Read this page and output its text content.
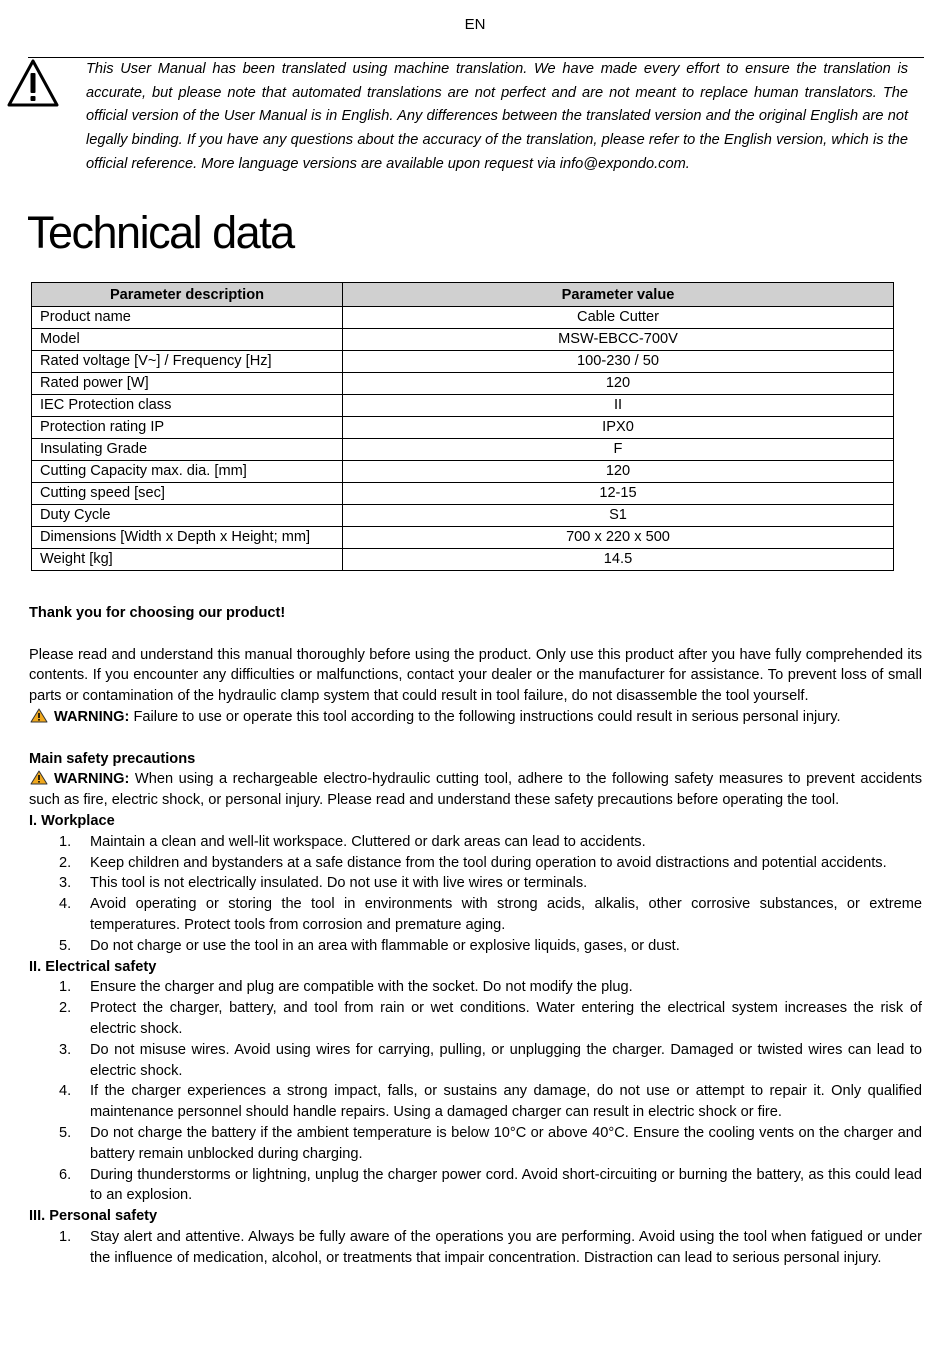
EN
This User Manual has been translated using machine translation. We have made every effort to ensure the translation is accurate, but please note that automated translations are not perfect and are not meant to replace human translators. The official version of the User Manual is in English. Any differences between the translated version and the original English are not legally binding. If you have any questions about the accuracy of the translation, please refer to the English version, which is the official reference. More language versions are available upon request via info@expondo.com.
Technical data
Parameter description	Parameter value
Product name	Cable Cutter
Model	MSW-EBCC-700V
Rated voltage [V~] / Frequency [Hz]	100-230 / 50
Rated power [W]	120
IEC Protection class	II
Protection rating IP	IPX0
Insulating Grade	F
Cutting Capacity max. dia. [mm]	120
Cutting speed [sec]	12-15
Duty Cycle	S1
Dimensions [Width x Depth x Height; mm]	700 x 220 x 500
Weight [kg]	14.5

Thank you for choosing our product!

Please read and understand this manual thoroughly before using the product. Only use this product after you have fully comprehended its contents. If you encounter any difficulties or malfunctions, contact your dealer or the manufacturer for assistance. To prevent loss of small parts or contamination of the hydraulic clamp system that could result in tool failure, do not disassemble the tool yourself.

WARNING: Failure to use or operate this tool according to the following instructions could result in serious personal injury.

Main safety precautions

WARNING: When using a rechargeable electro-hydraulic cutting tool, adhere to the following safety measures to prevent accidents such as fire, electric shock, or personal injury. Please read and understand these safety precautions before operating the tool.

I. Workplace

1. Maintain a clean and well-lit workspace. Cluttered or dark areas can lead to accidents.
2. Keep children and bystanders at a safe distance from the tool during operation to avoid distractions and potential accidents.
3. This tool is not electrically insulated. Do not use it with live wires or terminals.
4. Avoid operating or storing the tool in environments with strong acids, alkalis, other corrosive substances, or extreme temperatures. Protect tools from corrosion and premature aging.
5. Do not charge or use the tool in an area with flammable or explosive liquids, gases, or dust.

II. Electrical safety

1. Ensure the charger and plug are compatible with the socket. Do not modify the plug.
2. Protect the charger, battery, and tool from rain or wet conditions. Water entering the electrical system increases the risk of electric shock.
3. Do not misuse wires. Avoid using wires for carrying, pulling, or unplugging the charger. Damaged or twisted wires can lead to electric shock.
4. If the charger experiences a strong impact, falls, or sustains any damage, do not use or attempt to repair it. Only qualified maintenance personnel should handle repairs. Using a damaged charger can result in electric shock or fire.
5. Do not charge the battery if the ambient temperature is below 10°C or above 40°C. Ensure the cooling vents on the charger and battery remain unblocked during charging.
6. During thunderstorms or lightning, unplug the charger power cord. Avoid short-circuiting or burning the battery, as this could lead to an explosion.

III. Personal safety

1. Stay alert and attentive. Always be fully aware of the operations you are performing. Avoid using the tool when fatigued or under the influence of medication, alcohol, or treatments that impair concentration. Distraction can lead to serious personal injury.
